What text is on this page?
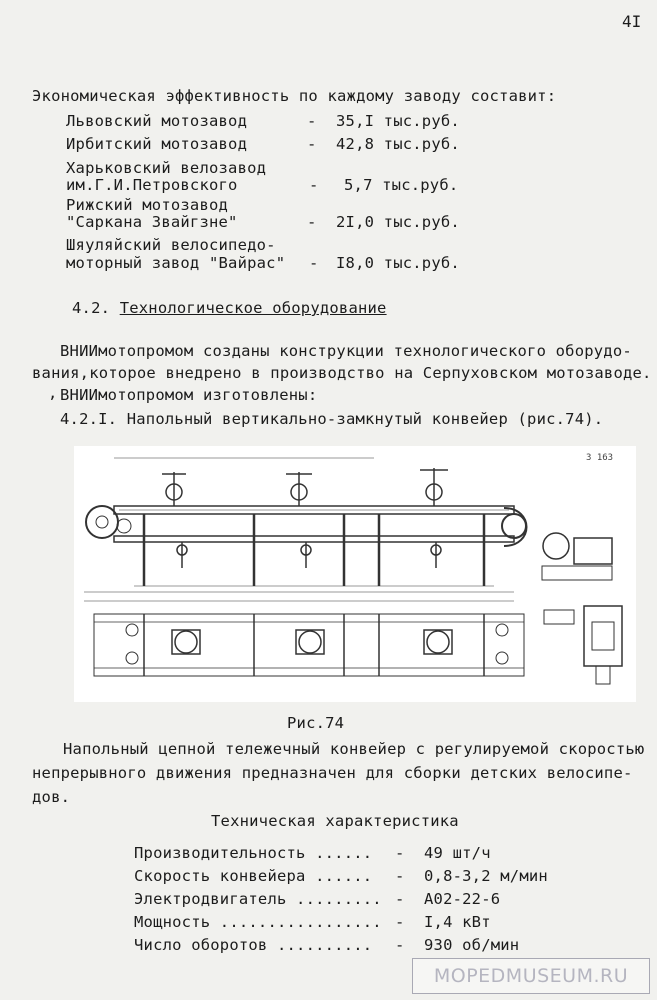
4I
Экономическая эффективность по каждому заводу составит:
Львовский мотозавод	- 35,I тыс.руб.
Ирбитский мотозавод	- 42,8 тыс.руб.
Харьковский велозавод
им.Г.И.Петровского	- 5,7 тыс.руб.
Рижский мотозавод
"Саркана Звайгзне"	- 2I,0 тыс.руб.
Шяуляйский велосипедо-
моторный завод "Вайрас" - I8,0 тыс.руб.
4.2. Технологическое оборудование
ВНИИмотопромом созданы конструкции технологического оборудо-
вания,которое внедрено в производство на Серпуховском мотозаводе.
, ВНИИмотопромом изготовлены:
4.2.I. Напольный вертикально-замкнутый конвейер (рис.74).
3 163
Рис.74
Напольный цепной тележечный конвейер с регулируемой скоростью
непрерывного движения предназначен для сборки детских велосипе-
дов.
Техническая характеристика
Производительность ...... - 49 шт/ч
Скорость конвейера ...... - 0,8-3,2 м/мин
Электродвигатель ......... - А02-22-6
Мощность ................. - I,4 кВт
Число оборотов .......... - 930 об/мин
MOPEDMUSEUM.RU
